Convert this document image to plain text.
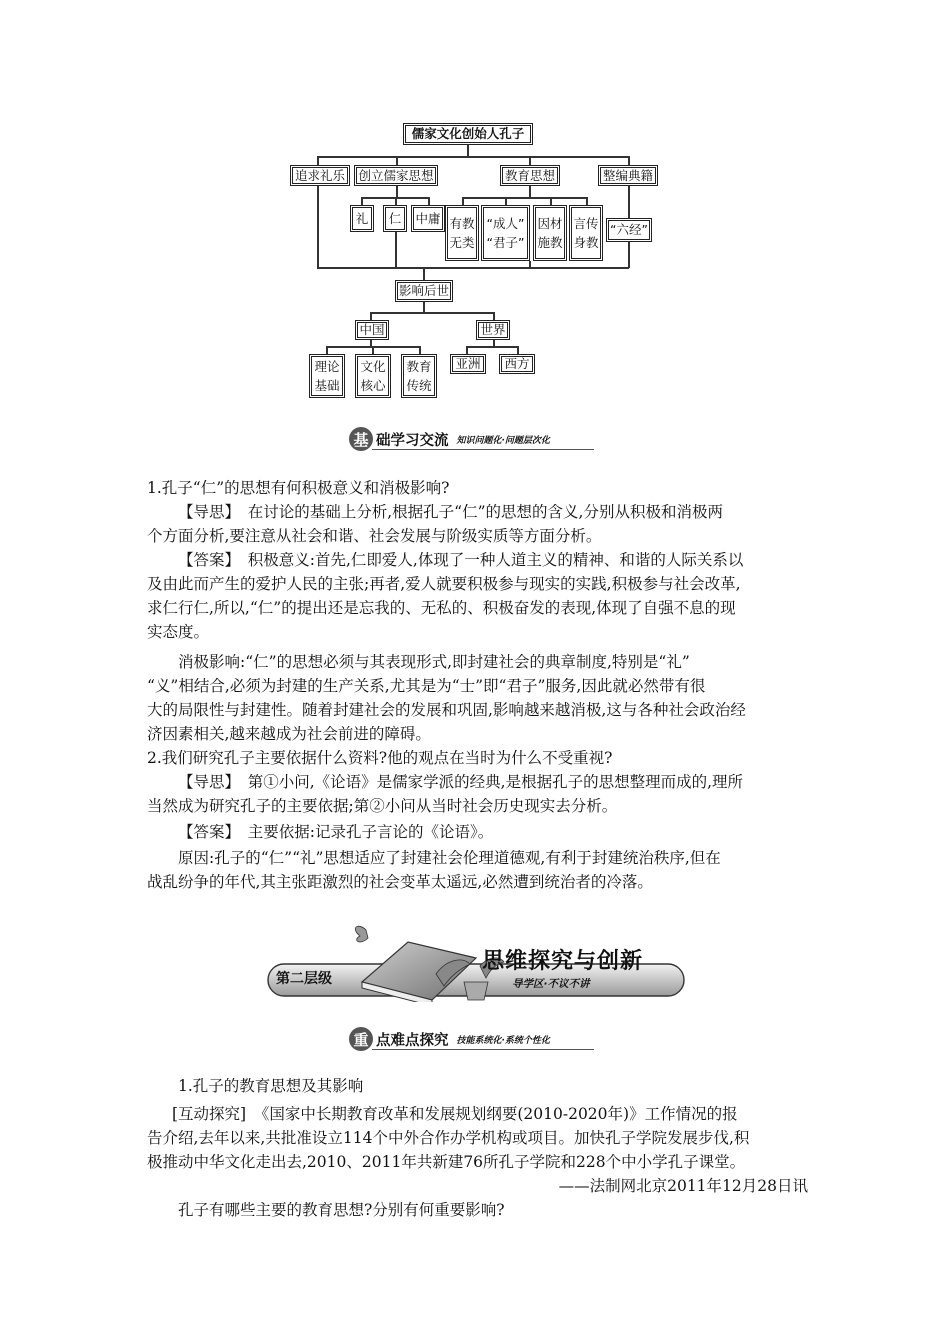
儒家文化创始人孔子
追求礼乐	创立儒家思想	教育思想	整编典籍
礼	仁	中庸 有教
无类
“成人”
“君子”
因材
施教
言传
身教
“六经”
影响后世
中国	世界
理论
基础
文化
核心
教育
传统
亚洲	西方
基 础学习交流 知识问题化·问题层次化
1.孔子“仁”的思想有何积极意义和消极影响?
【导思】　在讨论的基础上分析,根据孔子“仁”的思想的含义,分别从积极和消极两
个方面分析,要注意从社会和谐、社会发展与阶级实质等方面分析。
【答案】　积极意义:首先,仁即爱人,体现了一种人道主义的精神、和谐的人际关系以
及由此而产生的爱护人民的主张;再者,爱人就要积极参与现实的实践,积极参与社会改革,
求仁行仁,所以,“仁”的提出还是忘我的、无私的、积极奋发的表现,体现了自强不息的现
实态度。
消极影响:“仁”的思想必须与其表现形式,即封建社会的典章制度,特别是“礼”
“义”相结合,必须为封建的生产关系,尤其是为“士”即“君子”服务,因此就必然带有很
大的局限性与封建性。随着封建社会的发展和巩固,影响越来越消极,这与各种社会政治经
济因素相关,越来越成为社会前进的障碍。
2.我们研究孔子主要依据什么资料?他的观点在当时为什么不受重视?
【导思】　第①小问,《论语》是儒家学派的经典,是根据孔子的思想整理而成的,理所
当然成为研究孔子的主要依据;第②小问从当时社会历史现实去分析。
【答案】　主要依据:记录孔子言论的《论语》。
原因:孔子的“仁”“礼”思想适应了封建社会伦理道德观,有利于封建统治秩序,但在
战乱纷争的年代,其主张距激烈的社会变革太遥远,必然遭到统治者的冷落。
第二层级
思维探究与创新
导学区·不议不讲
重 点难点探究 技能系统化·系统个性化
1.孔子的教育思想及其影响
[互动探究]　《国家中长期教育改革和发展规划纲要(2010-2020年)》工作情况的报
告介绍,去年以来,共批准设立114个中外合作办学机构或项目。加快孔子学院发展步伐,积
极推动中华文化走出去,2010、2011年共新建76所孔子学院和228个中小学孔子课堂。
——法制网北京2011年12月28日讯
孔子有哪些主要的教育思想?分别有何重要影响?
